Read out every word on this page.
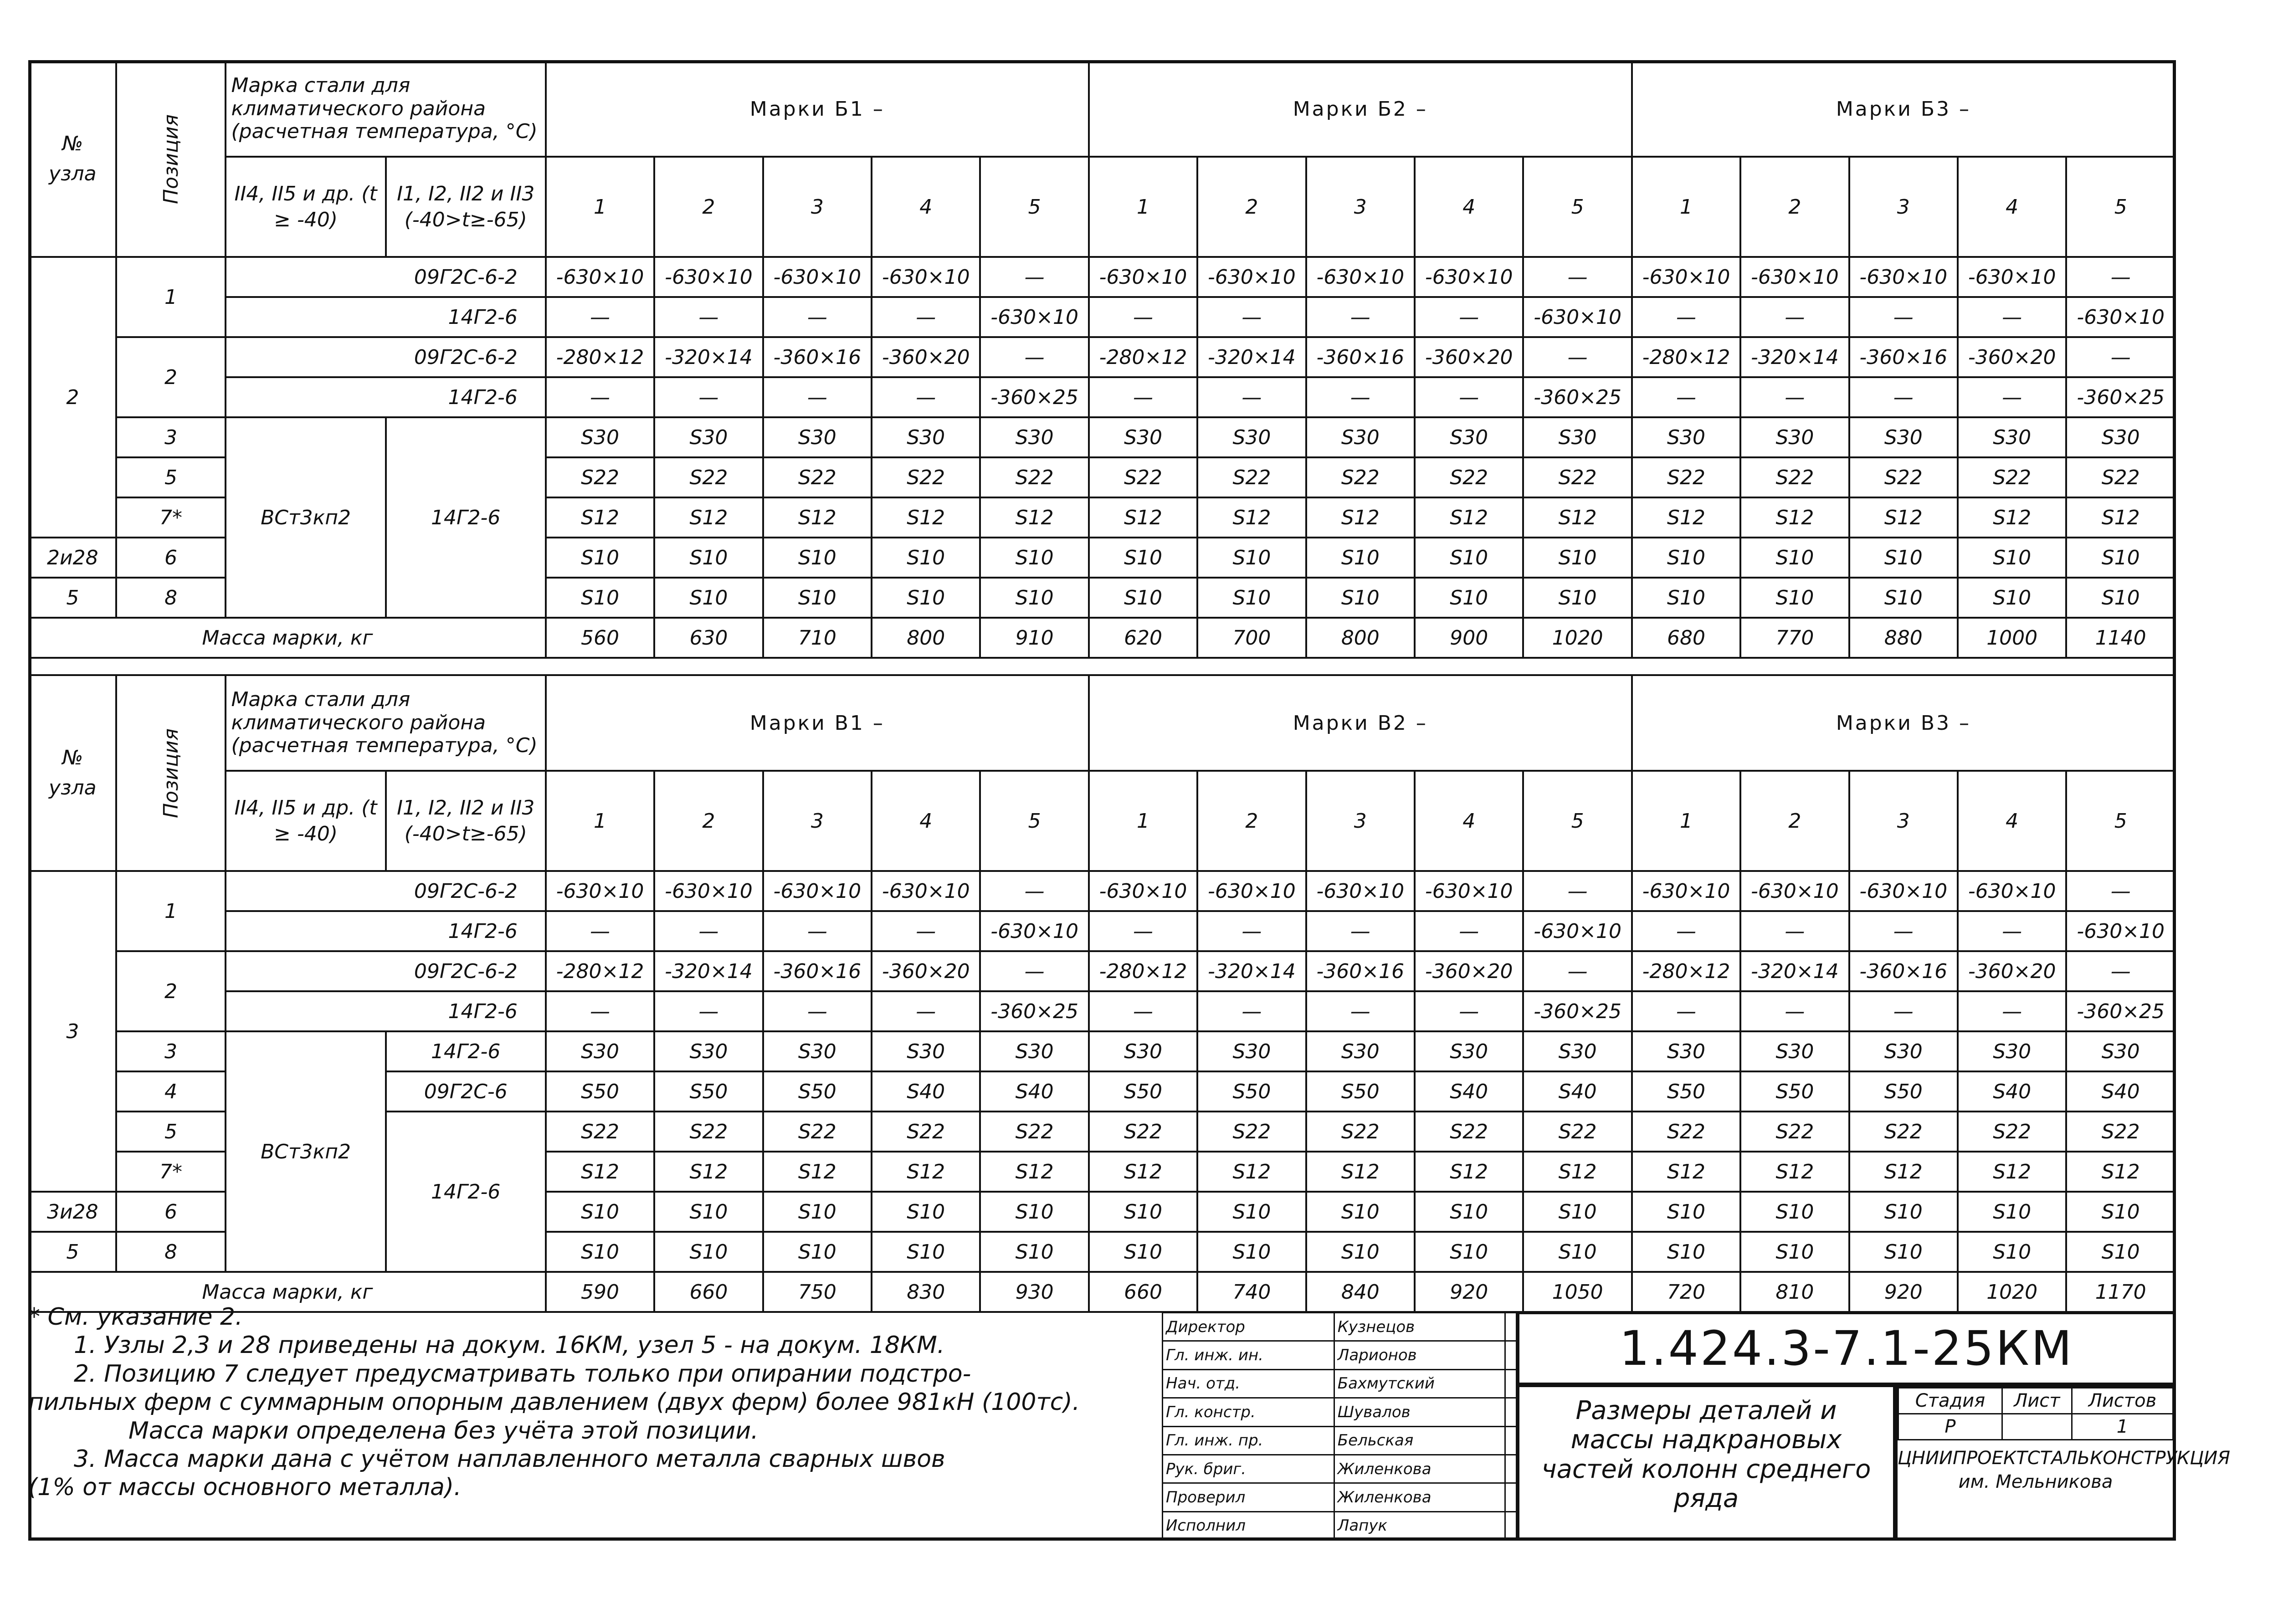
№
узла	Позиция	Марка стали для климатического района (расчетная температура, °С)		Марки Б1 –					Марки Б2 –					Марки Б3 –				
		II4, II5 и др. (t ≥ -40)	I1, I2, II2 и II3 (-40>t≥-65)	1	2	3	4	5	1	2	3	4	5	1	2	3	4	5
2	1	09Г2С-6-2		-630×10	-630×10	-630×10	-630×10	—	-630×10	-630×10	-630×10	-630×10	—	-630×10	-630×10	-630×10	-630×10	—
		14Г2-6		—	—	—	—	-630×10	—	—	—	—	-630×10	—	—	—	—	-630×10
	2	09Г2С-6-2		-280×12	-320×14	-360×16	-360×20	—	-280×12	-320×14	-360×16	-360×20	—	-280×12	-320×14	-360×16	-360×20	—
		14Г2-6		—	—	—	—	-360×25	—	—	—	—	-360×25	—	—	—	—	-360×25
	3	ВСт3кп2	14Г2-6	S30	S30	S30	S30	S30	S30	S30	S30	S30	S30	S30	S30	S30	S30	S30
	5			S22	S22	S22	S22	S22	S22	S22	S22	S22	S22	S22	S22	S22	S22	S22
	7*			S12	S12	S12	S12	S12	S12	S12	S12	S12	S12	S12	S12	S12	S12	S12
2и28	6			S10	S10	S10	S10	S10	S10	S10	S10	S10	S10	S10	S10	S10	S10	S10
5	8			S10	S10	S10	S10	S10	S10	S10	S10	S10	S10	S10	S10	S10	S10	S10
Масса марки, кг				560	630	710	800	910	620	700	800	900	1020	680	770	880	1000	1140
№
узла	Позиция	Марка стали для климатического района (расчетная температура, °С)		Марки В1 –					Марки В2 –					Марки В3 –				
		II4, II5 и др. (t ≥ -40)	I1, I2, II2 и II3 (-40>t≥-65)	1	2	3	4	5	1	2	3	4	5	1	2	3	4	5
3	1	09Г2С-6-2		-630×10	-630×10	-630×10	-630×10	—	-630×10	-630×10	-630×10	-630×10	—	-630×10	-630×10	-630×10	-630×10	—
		14Г2-6		—	—	—	—	-630×10	—	—	—	—	-630×10	—	—	—	—	-630×10
	2	09Г2С-6-2		-280×12	-320×14	-360×16	-360×20	—	-280×12	-320×14	-360×16	-360×20	—	-280×12	-320×14	-360×16	-360×20	—
		14Г2-6		—	—	—	—	-360×25	—	—	—	—	-360×25	—	—	—	—	-360×25
	3	ВСт3кп2	14Г2-6	S30	S30	S30	S30	S30	S30	S30	S30	S30	S30	S30	S30	S30	S30	S30
	4		09Г2С-6	S50	S50	S50	S40	S40	S50	S50	S50	S40	S40	S50	S50	S50	S40	S40
	5		14Г2-6	S22	S22	S22	S22	S22	S22	S22	S22	S22	S22	S22	S22	S22	S22	S22
	7*			S12	S12	S12	S12	S12	S12	S12	S12	S12	S12	S12	S12	S12	S12	S12
3и28	6			S10	S10	S10	S10	S10	S10	S10	S10	S10	S10	S10	S10	S10	S10	S10
5	8			S10	S10	S10	S10	S10	S10	S10	S10	S10	S10	S10	S10	S10	S10	S10
Масса марки, кг				590	660	750	830	930	660	740	840	920	1050	720	810	920	1020	1170
* См. указание 2.
1. Узлы 2,3 и 28 приведены на докум. 16КМ, узел 5 - на докум. 18КМ.
2. Позицию 7 следует предусматривать только при опирании подстро-
пильных ферм с суммарным опорным давлением (двух ферм) более 981кН (100тс).
Масса марки определена без учёта этой позиции.
3. Масса марки дана с учётом наплавленного металла сварных швов
(1% от массы основного металла).
Директор	Кузнецов	
Гл. инж. ин.	Ларионов	
Нач. отд.	Бахмутский	
Гл. констр.	Шувалов	
Гл. инж. пр.	Бельская	
Рук. бриг.	Жиленкова	
Проверил	Жиленкова	
Исполнил	Лапук	
1.424.3-7.1-25КМ
Размеры деталей и массы надкрановых частей колонн среднего ряда
Стадия	Лист	Листов
Р		1
ЦНИИПРОЕКТСТАЛЬКОНСТРУКЦИЯ
им. Мельникова
